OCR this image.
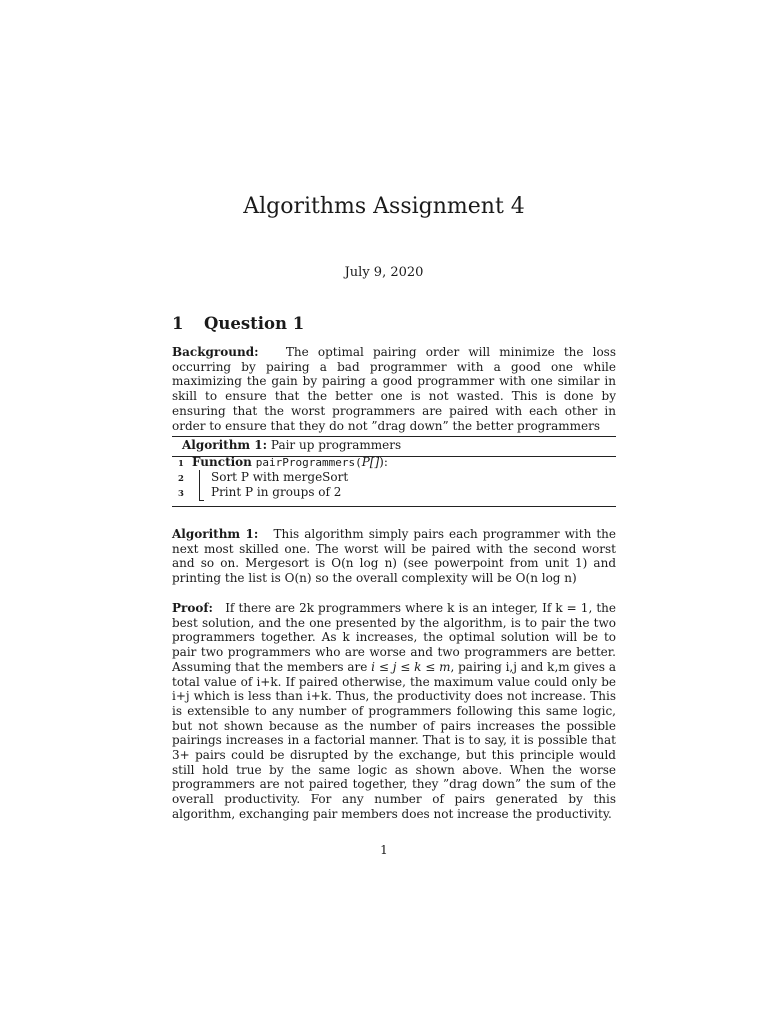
Algorithms Assignment 4
July 9, 2020
1 Question 1

Background: The optimal pairing order will minimize the loss occurring by pairing a bad programmer with a good one while maximizing the gain by pairing a good programmer with one similar in skill to ensure that the better one is not wasted. This is done by ensuring that the worst programmers are paired with each other in order to ensure that they do not ”drag down” the better programmers

Algorithm 1: Pair up programmers
1 Function pairProgrammers(P[]):
2 Sort P with mergeSort
3 Print P in groups of 2

Algorithm 1: This algorithm simply pairs each programmer with the next most skilled one. The worst will be paired with the second worst and so on. Mergesort is O(n log n) (see powerpoint from unit 1) and printing the list is O(n) so the overall complexity will be O(n log n)

Proof: If there are 2k programmers where k is an integer, If k = 1, the best solution, and the one presented by the algorithm, is to pair the two programmers together. As k increases, the optimal solution will be to pair two programmers who are worse and two programmers are better. Assuming that the members are i ≤ j ≤ k ≤ m, pairing i,j and k,m gives a total value of i+k. If paired otherwise, the maximum value could only be i+j which is less than i+k. Thus, the productivity does not increase. This is extensible to any number of programmers following this same logic, but not shown because as the number of pairs increases the possible pairings increases in a factorial manner. That is to say, it is possible that 3+ pairs could be disrupted by the exchange, but this principle would still hold true by the same logic as shown above. When the worse programmers are not paired together, they ”drag down” the sum of the overall productivity. For any number of pairs generated by this algorithm, exchanging pair members does not increase the productivity.

1
